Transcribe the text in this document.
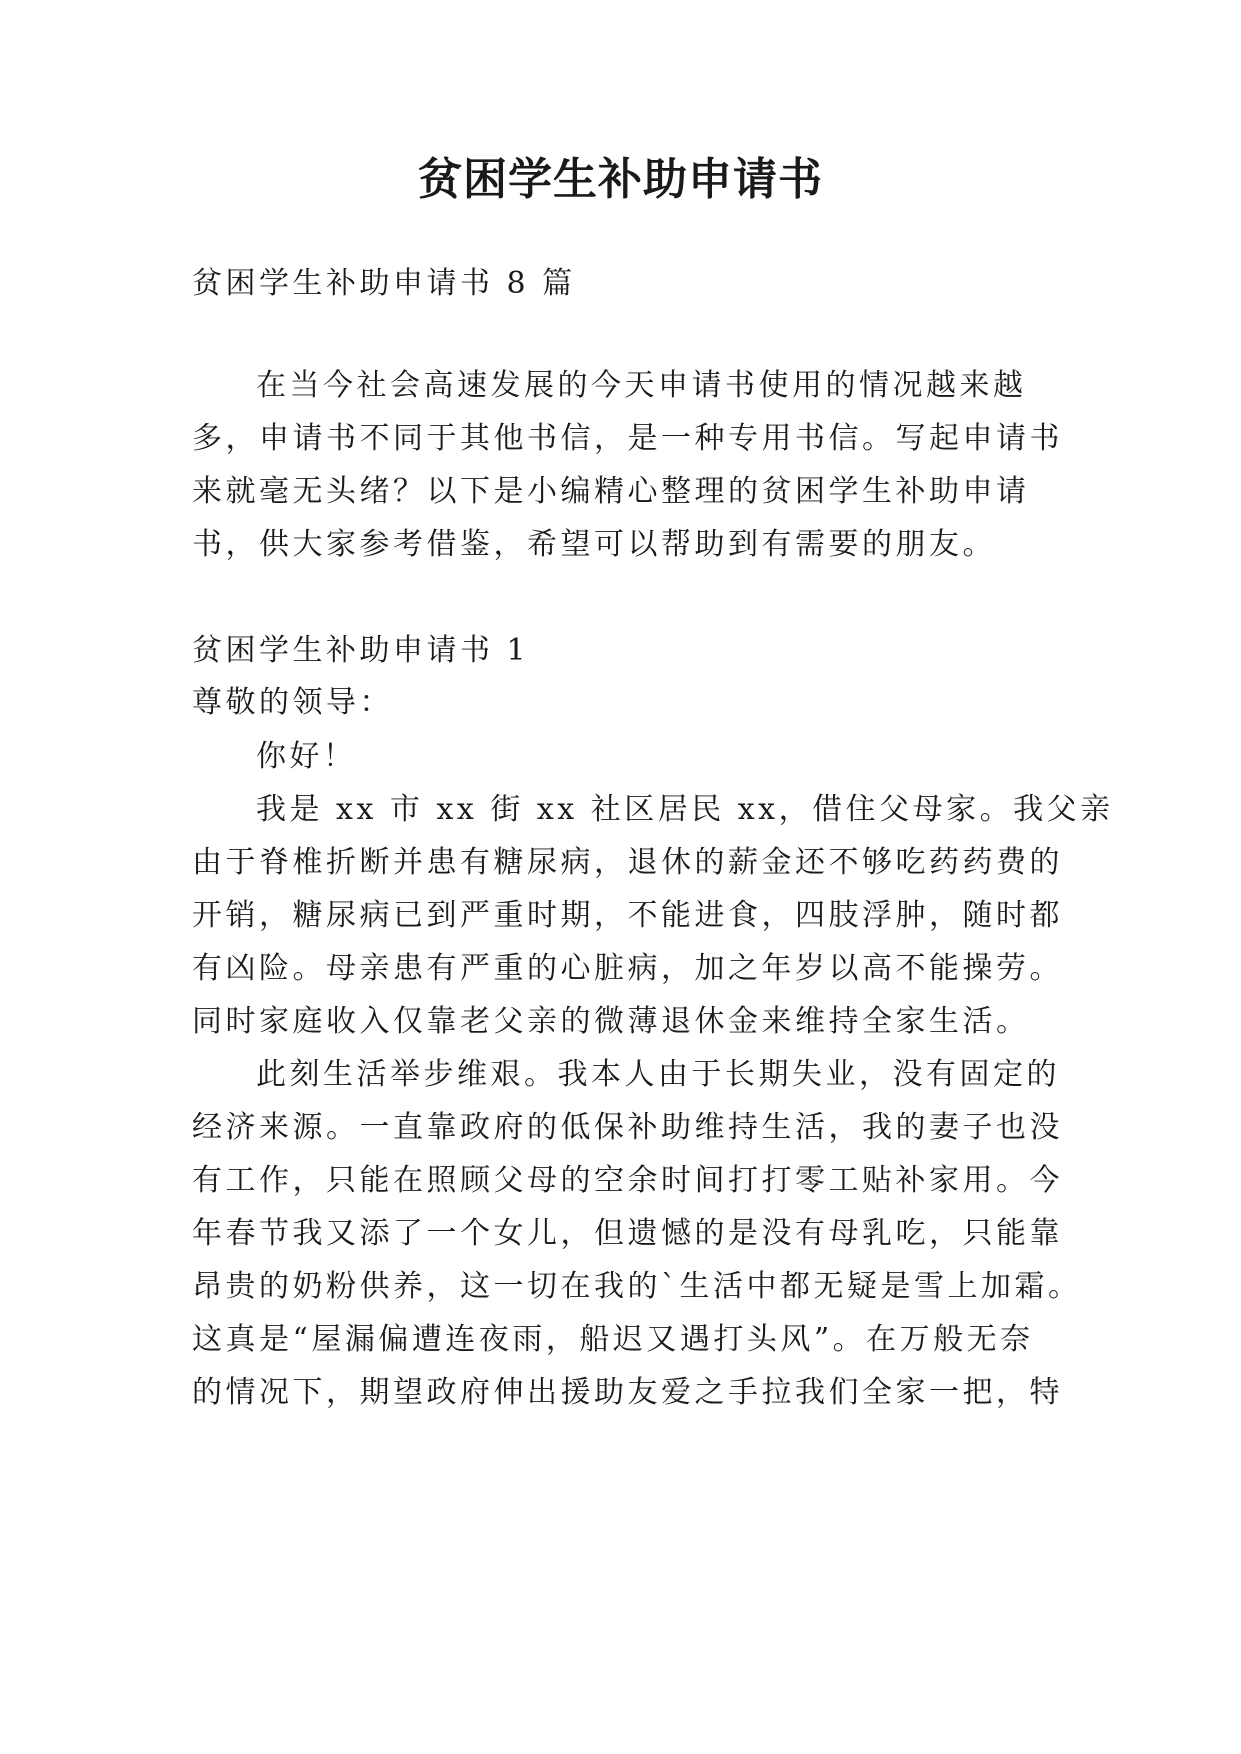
贫困学生补助申请书

贫困学生补助申请书 8 篇

在当今社会高速发展的今天申请书使用的情况越来越

多，申请书不同于其他书信，是一种专用书信。写起申请书

来就毫无头绪？以下是小编精心整理的贫困学生补助申请

书，供大家参考借鉴，希望可以帮助到有需要的朋友。

贫困学生补助申请书 1

尊敬的领导：

你好！

我是 xx 市 xx 街 xx 社区居民 xx，借住父母家。我父亲

由于脊椎折断并患有糖尿病，退休的薪金还不够吃药药费的

开销，糖尿病已到严重时期，不能进食，四肢浮肿，随时都

有凶险。母亲患有严重的心脏病，加之年岁以高不能操劳。

同时家庭收入仅靠老父亲的微薄退休金来维持全家生活。

此刻生活举步维艰。我本人由于长期失业，没有固定的

经济来源。一直靠政府的低保补助维持生活，我的妻子也没

有工作，只能在照顾父母的空余时间打打零工贴补家用。今

年春节我又添了一个女儿，但遗憾的是没有母乳吃，只能靠

昂贵的奶粉供养，这一切在我的`生活中都无疑是雪上加霜。

这真是“屋漏偏遭连夜雨，船迟又遇打头风”。在万般无奈

的情况下，期望政府伸出援助友爱之手拉我们全家一把，特
